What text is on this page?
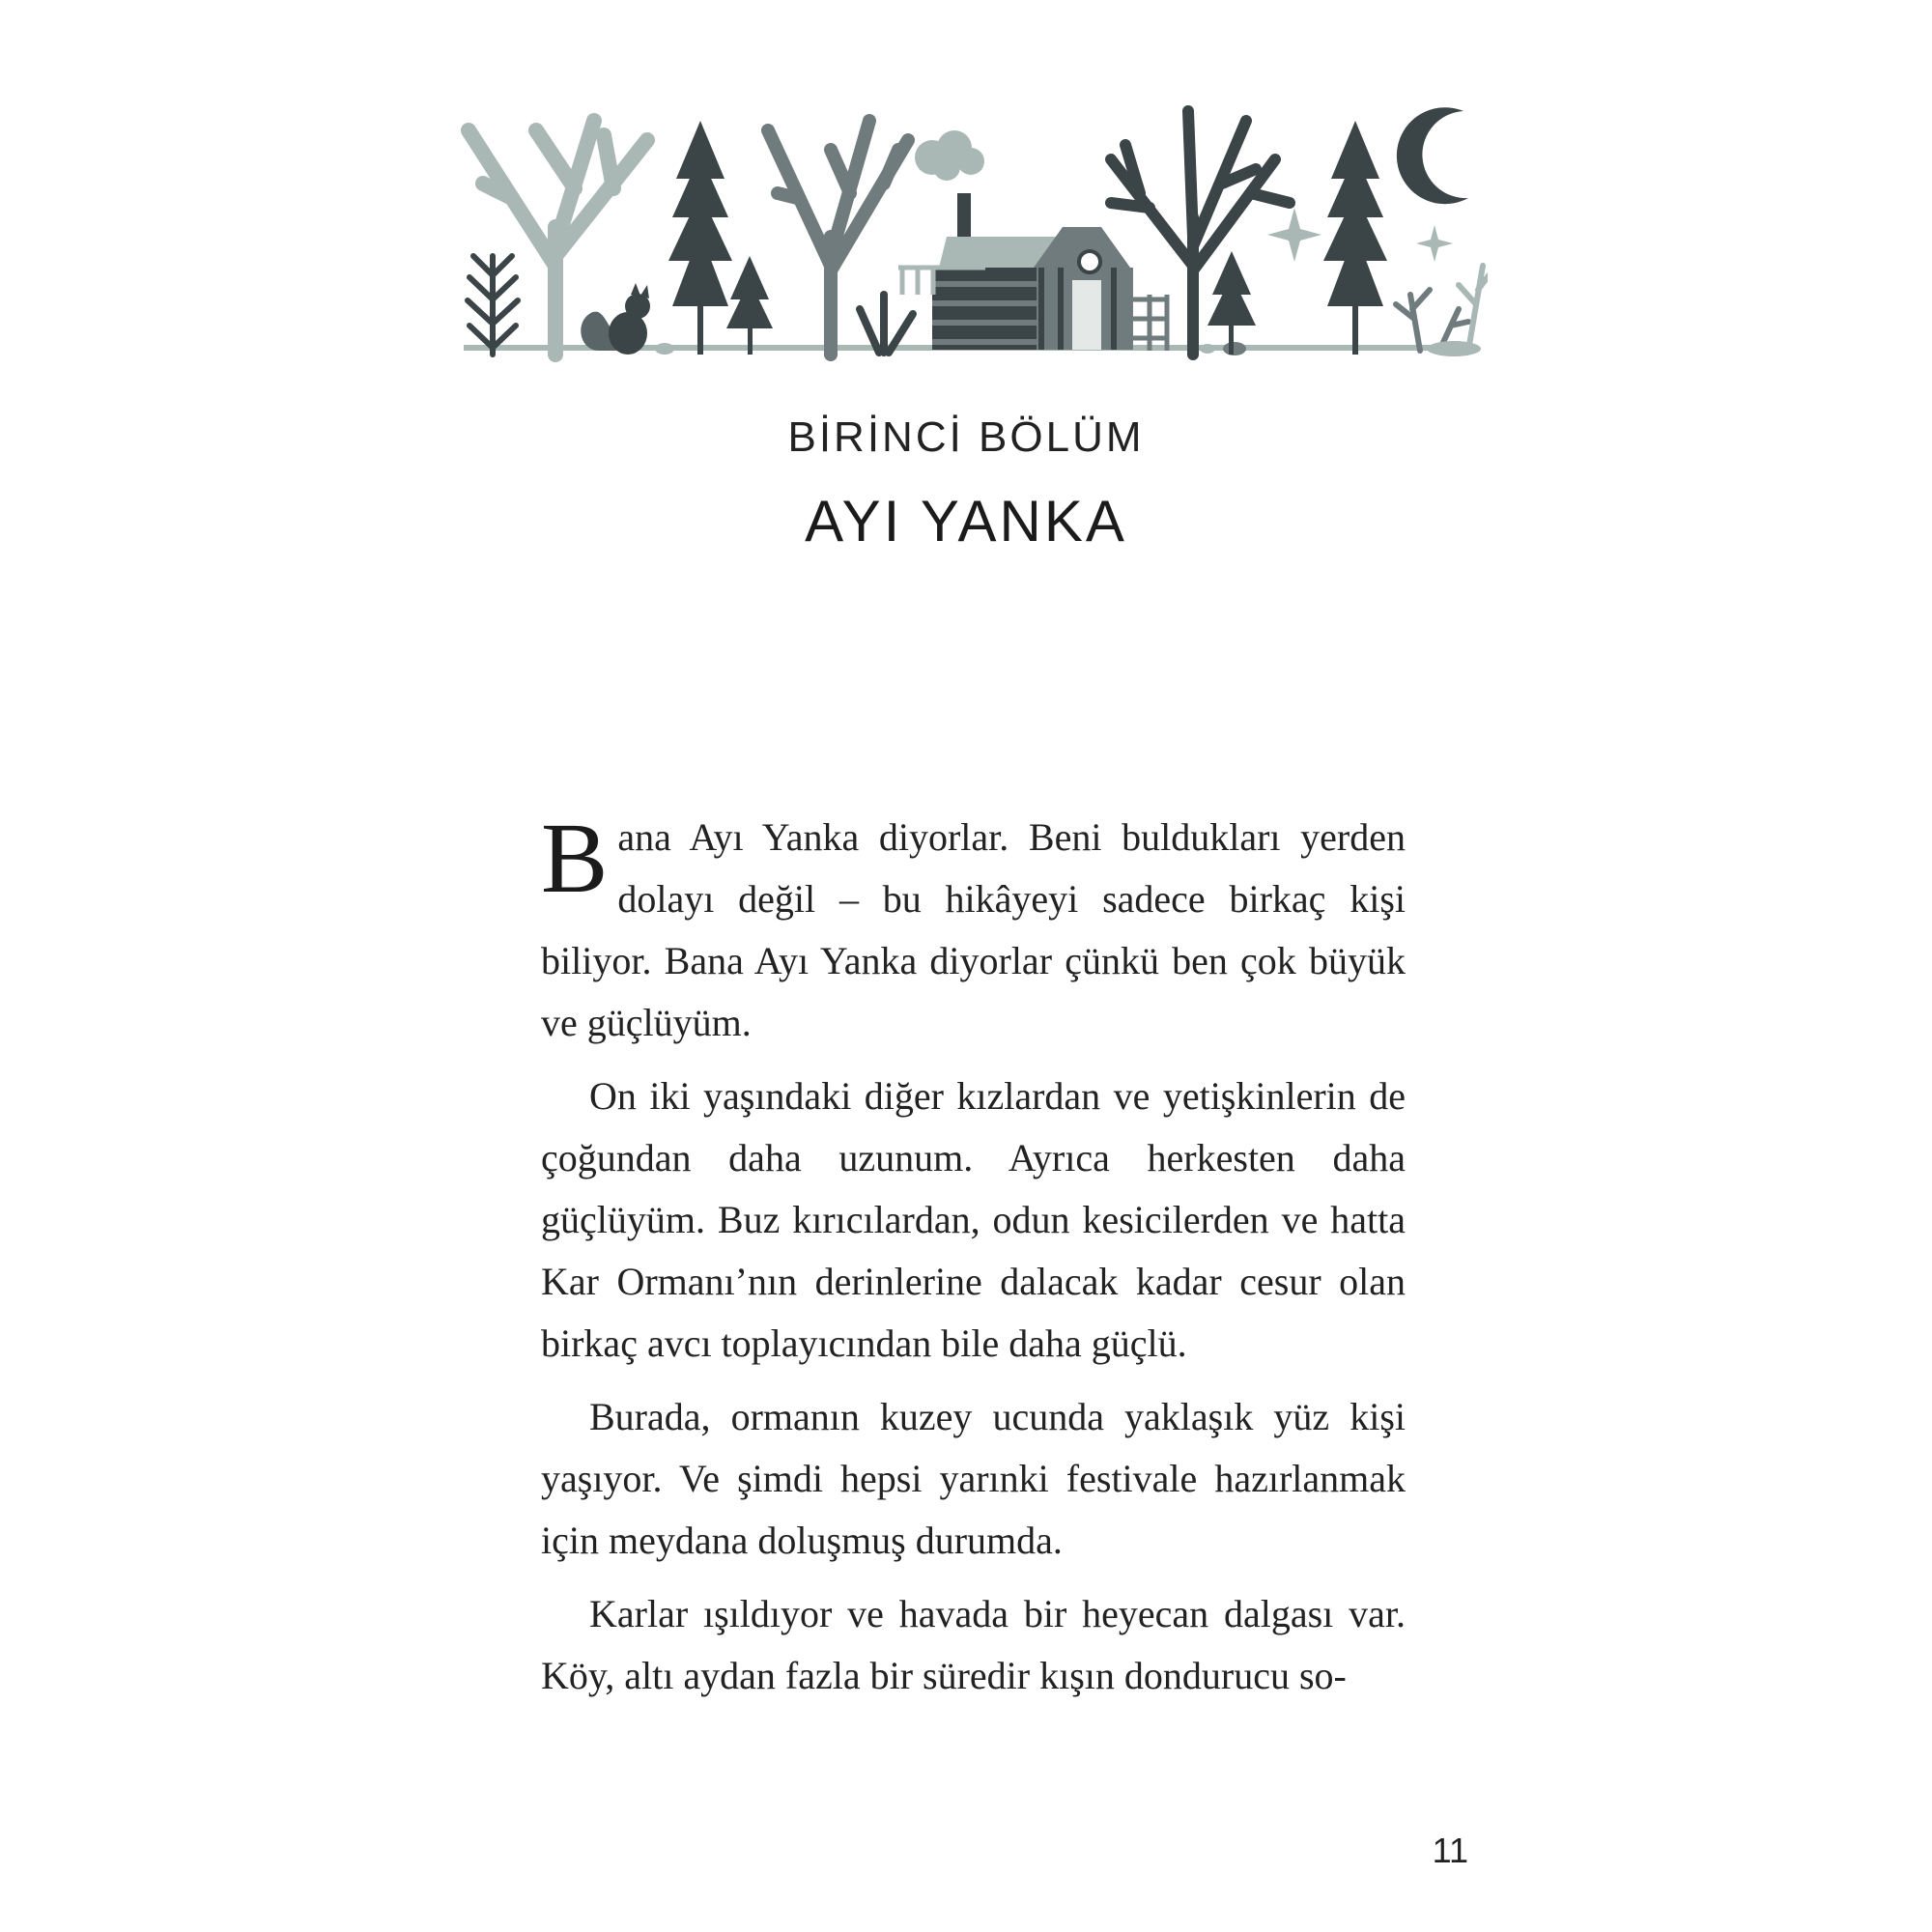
BİRİNCİ BÖLÜM
AYI YANKA

Bana Ayı Yanka diyorlar. Beni buldukları yerden dolayı değil – bu hikâyeyi sadece birkaç kişi biliyor. Bana Ayı Yanka diyorlar çünkü ben çok büyük ve güçlüyüm.

On iki yaşındaki diğer kızlardan ve yetişkinlerin de çoğundan daha uzunum. Ayrıca herkesten daha güçlüyüm. Buz kırıcılardan, odun kesicilerden ve hatta Kar Ormanı’nın derinlerine dalacak kadar cesur olan birkaç avcı toplayıcından bile daha güçlü.

Burada, ormanın kuzey ucunda yaklaşık yüz kişi yaşıyor. Ve şimdi hepsi yarınki festivale hazırlanmak için meydana doluşmuş durumda.

Karlar ışıldıyor ve havada bir heyecan dalgası var. Köy, altı aydan fazla bir süredir kışın dondurucu so-

11
